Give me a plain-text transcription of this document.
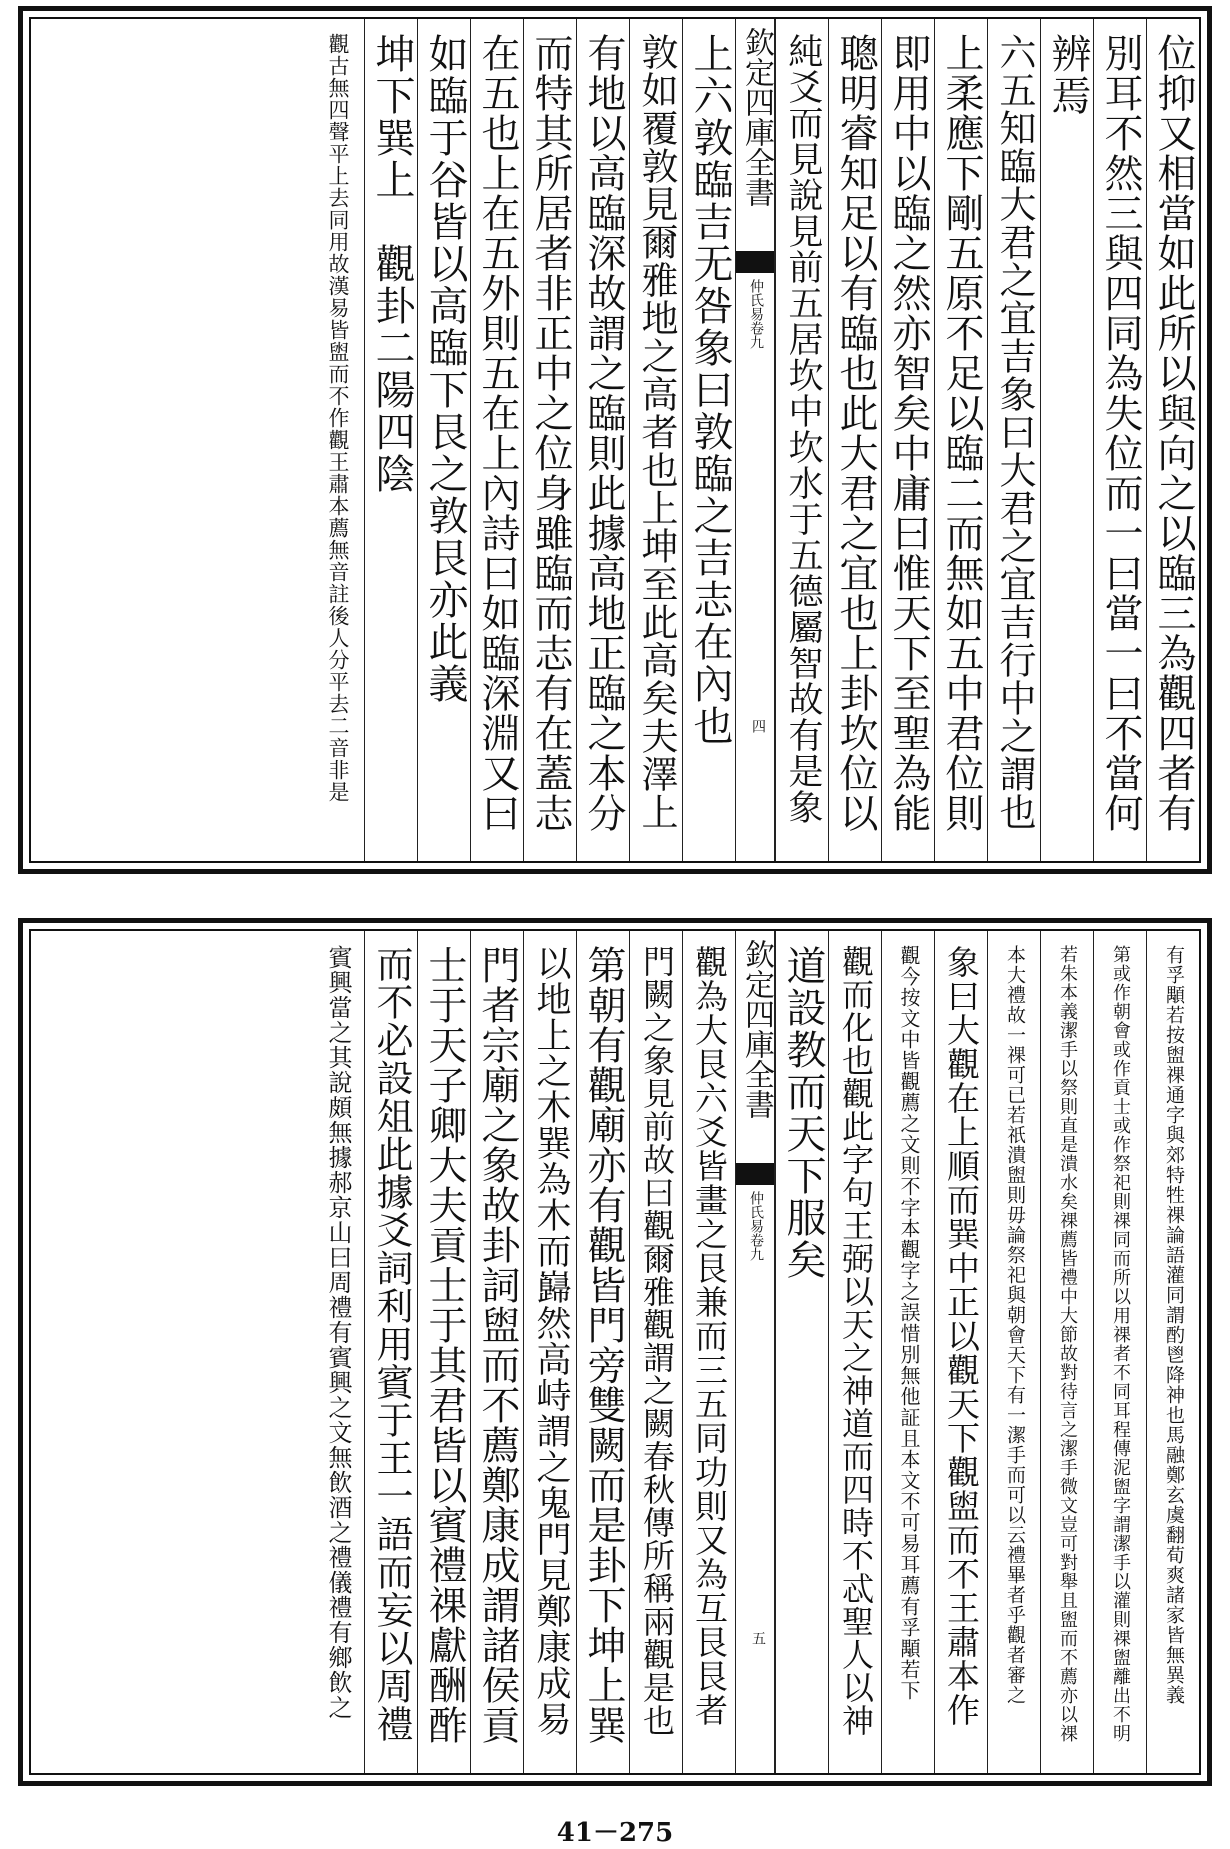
位抑又相當如此所以與向之以臨三為觀四者有
別耳不然三與四同為失位而一曰當一曰不當何
辨焉
六五知臨大君之宜吉象曰大君之宜吉行中之謂也
上柔應下剛五原不足以臨二而無如五中君位則
即用中以臨之然亦智矣中庸曰惟天下至聖為能
聰明睿知足以有臨也此大君之宜也上卦坎位以
純爻而見說見前五居坎中坎水于五德屬智故有是象
欽定四庫全書
仲氏易卷九
四
上六敦臨吉无咎象曰敦臨之吉志在內也
敦如覆敦見爾雅地之高者也上坤至此高矣夫澤上
有地以高臨深故謂之臨則此據高地正臨之本分
而特其所居者非正中之位身雖臨而志有在蓋志
在五也上在五外則五在上內詩曰如臨深淵又曰
如臨于谷皆以高臨下艮之敦艮亦此義
坤下巽上　觀卦二陽四陰
觀古無四聲平上去同用故漢易皆盥而不作觀王肅本薦無音註後人分平去二音非是
有孚顒若按盥祼通字與郊特牲祼論語灌同謂酌鬯降神也馬融鄭玄虞翻荀爽諸家皆無異義
第或作朝會或作貢士或作祭祀則祼同而所以用祼者不同耳程傳泥盥字謂潔手以灌則祼盥離出不明
若朱本義潔手以祭則直是潰水矣祼薦皆禮中大節故對待言之潔手微文豈可對舉且盥而不薦亦以祼
本大禮故一祼可已若祇潰盥則毋論祭祀與朝會天下有一潔手而可以云禮畢者乎觀者審之
象曰大觀在上順而巽中正以觀天下觀盥而不王肅本作
觀今按文中皆觀薦之文則不字本觀字之誤惜別無他証且本文不可易耳薦有孚顒若下
觀而化也觀此字句王弼以天之神道而四時不忒聖人以神
道設教而天下服矣
欽定四庫全書
仲氏易卷九
五
觀為大艮六爻皆畫之艮兼而三五同功則又為互艮艮者
門闕之象見前故曰觀爾雅觀謂之闕春秋傳所稱兩觀是也
第朝有觀廟亦有觀皆門旁雙闕而是卦下坤上巽
以地上之木巽為木而巋然高峙謂之鬼門見鄭康成易
門者宗廟之象故卦詞盥而不薦鄭康成謂諸侯貢
士于天子卿大夫貢士于其君皆以賓禮祼獻酬酢
而不必設俎此據爻詞利用賓于王一語而妄以周禮
賓興當之其說頗無據郝京山曰周禮有賓興之文無飲酒之禮儀禮有鄉飲之
41－275
